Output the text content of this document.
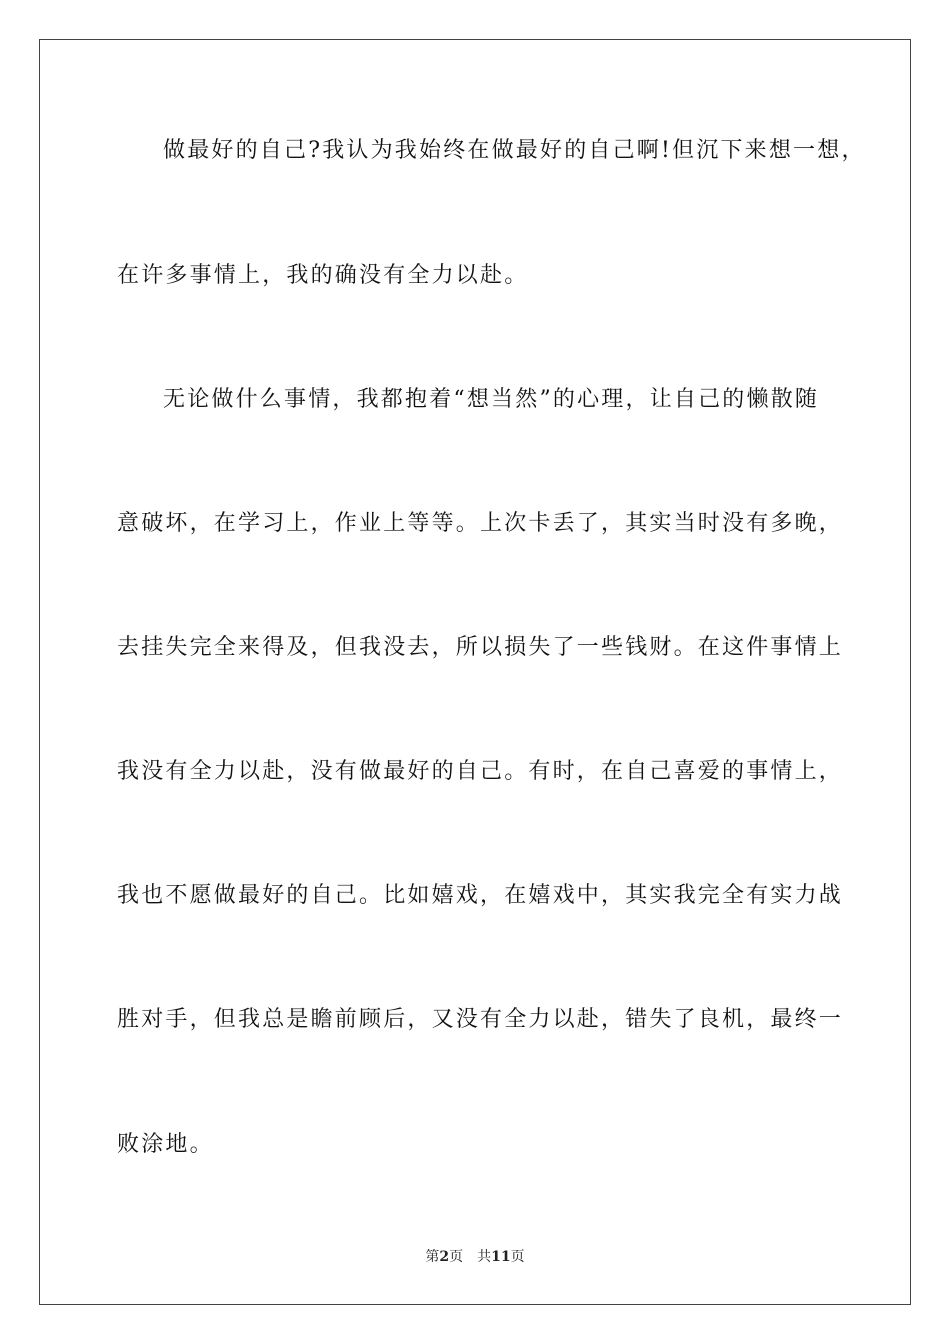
做最好的自己?我认为我始终在做最好的自己啊!但沉下来想一想，
在许多事情上，我的确没有全力以赴。
无论做什么事情，我都抱着“想当然”的心理，让自己的懒散随
意破坏，在学习上，作业上等等。上次卡丢了，其实当时没有多晚，
去挂失完全来得及，但我没去，所以损失了一些钱财。在这件事情上
我没有全力以赴，没有做最好的自己。有时，在自己喜爱的事情上，
我也不愿做最好的自己。比如嬉戏，在嬉戏中，其实我完全有实力战
胜对手，但我总是瞻前顾后，又没有全力以赴，错失了良机，最终一
败涂地。
第2页 共11页
